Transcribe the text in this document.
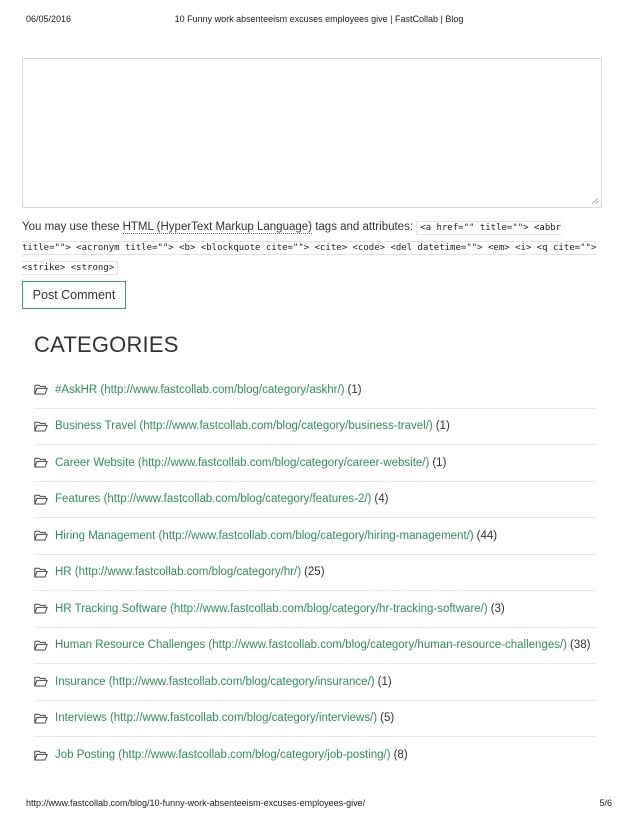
06/05/2016	10 Funny work absenteeism excuses employees give | FastCollab | Blog
You may use these HTML (HyperText Markup Language) tags and attributes: <a href="" title=""> <abbr title=""> <acronym title=""> <b> <blockquote cite=""> <cite> <code> <del datetime=""> <em> <i> <q cite=""> <strike> <strong>
Post Comment
CATEGORIES
#AskHR (http://www.fastcollab.com/blog/category/askhr/) (1)
Business Travel (http://www.fastcollab.com/blog/category/business-travel/) (1)
Career Website (http://www.fastcollab.com/blog/category/career-website/) (1)
Features (http://www.fastcollab.com/blog/category/features-2/) (4)
Hiring Management (http://www.fastcollab.com/blog/category/hiring-management/) (44)
HR (http://www.fastcollab.com/blog/category/hr/) (25)
HR Tracking Software (http://www.fastcollab.com/blog/category/hr-tracking-software/) (3)
Human Resource Challenges (http://www.fastcollab.com/blog/category/human-resource-challenges/) (38)
Insurance (http://www.fastcollab.com/blog/category/insurance/) (1)
Interviews (http://www.fastcollab.com/blog/category/interviews/) (5)
Job Posting (http://www.fastcollab.com/blog/category/job-posting/) (8)
http://www.fastcollab.com/blog/10-funny-work-absenteeism-excuses-employees-give/	5/6
